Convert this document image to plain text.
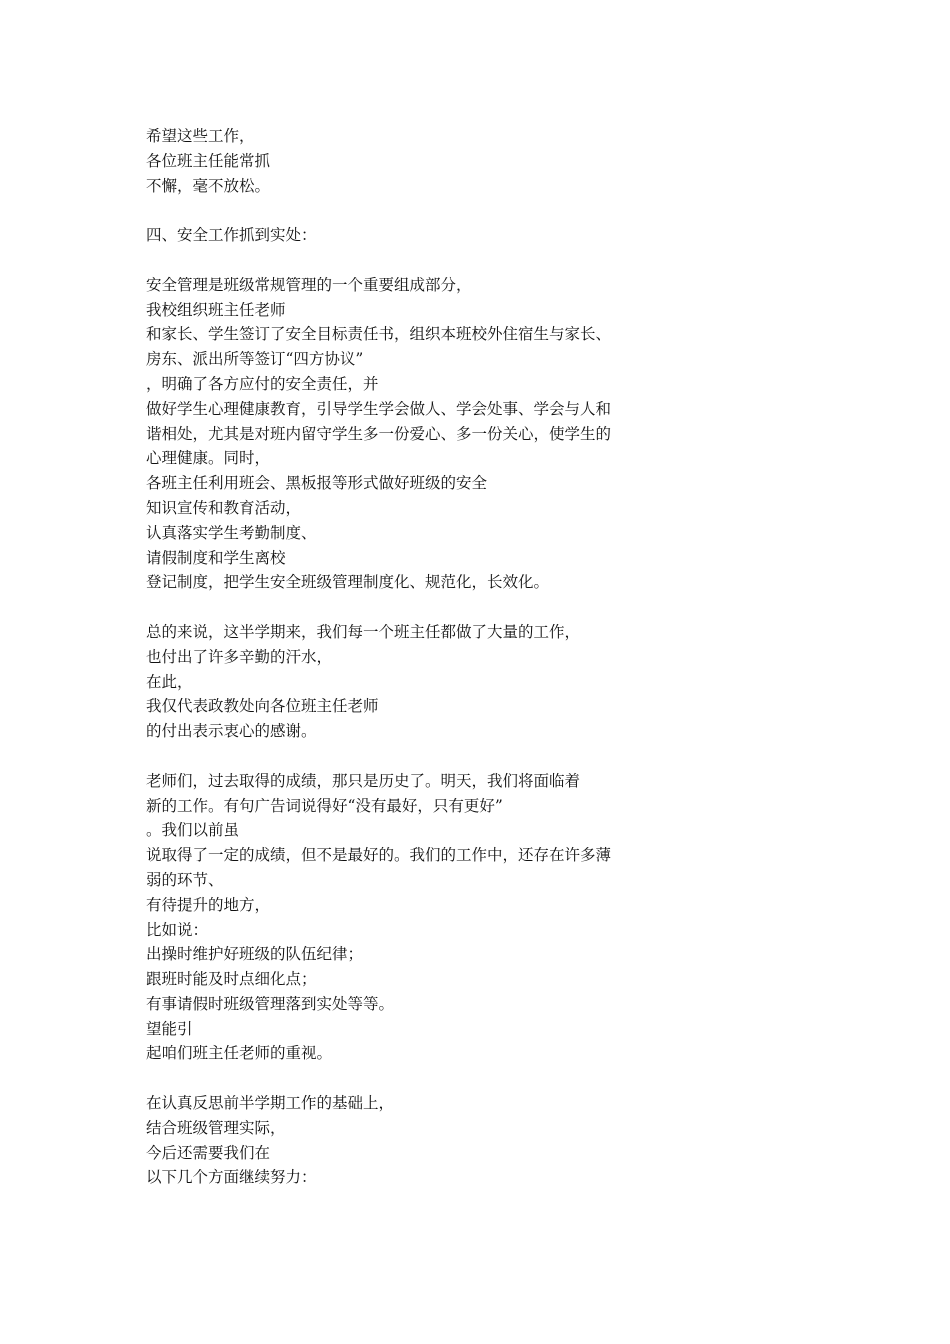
希望这些工作，
各位班主任能常抓
不懈，毫不放松。
四、安全工作抓到实处：
安全管理是班级常规管理的一个重要组成部分，
我校组织班主任老师
和家长、学生签订了安全目标责任书，组织本班校外住宿生与家长、
房东、派出所等签订“四方协议”
，明确了各方应付的安全责任，并
做好学生心理健康教育，引导学生学会做人、学会处事、学会与人和
谐相处，尤其是对班内留守学生多一份爱心、多一份关心，使学生的
心理健康。同时，
各班主任利用班会、黑板报等形式做好班级的安全
知识宣传和教育活动，
认真落实学生考勤制度、
请假制度和学生离校
登记制度，把学生安全班级管理制度化、规范化，长效化。
总的来说，这半学期来，我们每一个班主任都做了大量的工作，
也付出了许多辛勤的汗水，
在此，
我仅代表政教处向各位班主任老师
的付出表示衷心的感谢。
老师们，过去取得的成绩，那只是历史了。明天，我们将面临着
新的工作。有句广告词说得好“没有最好，只有更好”
。我们以前虽
说取得了一定的成绩，但不是最好的。我们的工作中，还存在许多薄
弱的环节、
有待提升的地方，
比如说：
出操时维护好班级的队伍纪律；
跟班时能及时点细化点；
有事请假时班级管理落到实处等等。
望能引
起咱们班主任老师的重视。
在认真反思前半学期工作的基础上，
结合班级管理实际，
今后还需要我们在
以下几个方面继续努力：
